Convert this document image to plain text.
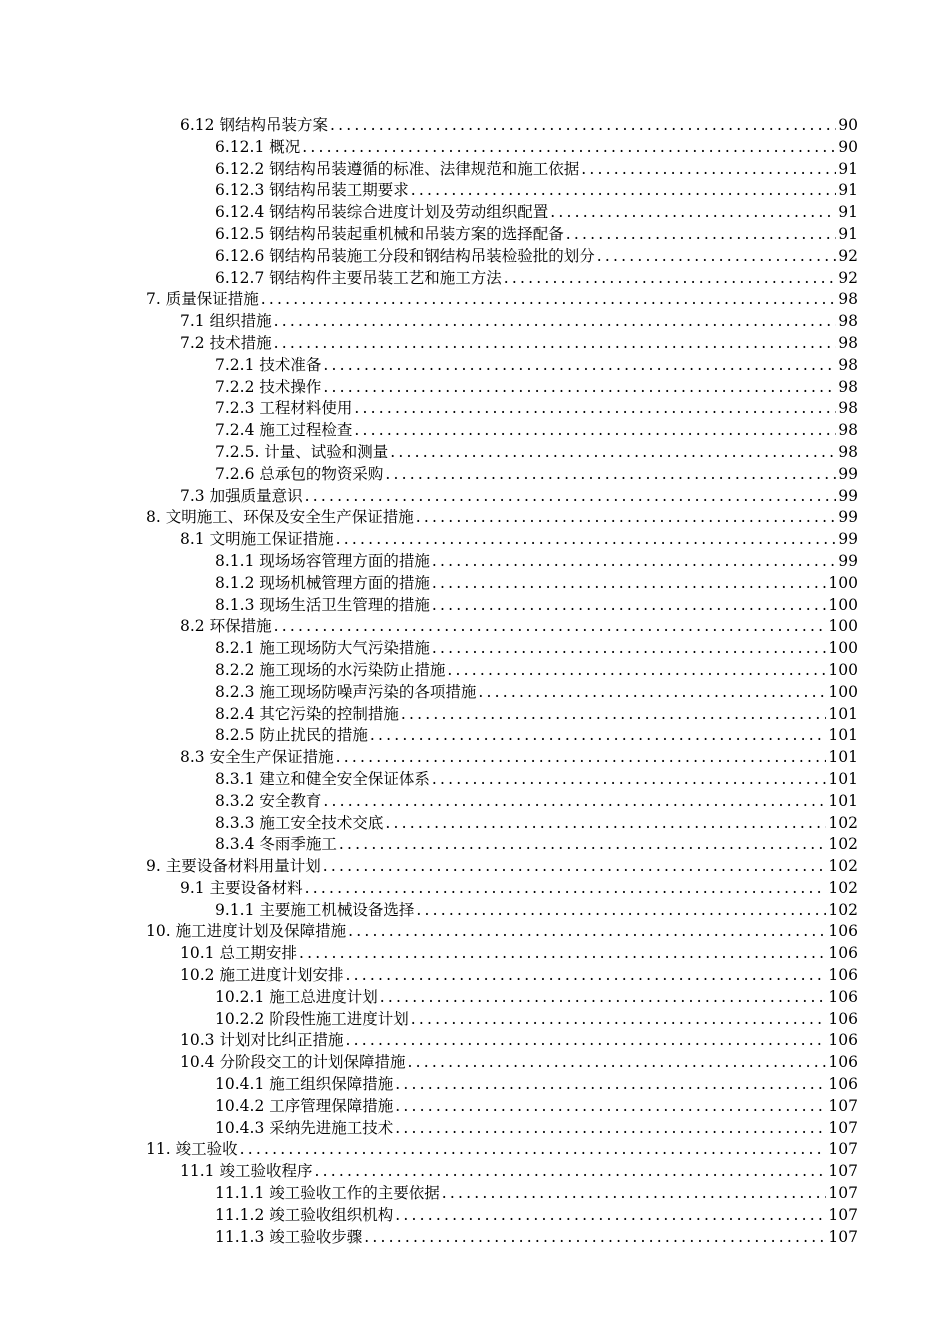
6.12 钢结构吊装方案 .....	90
6.12.1 概况 .....	90
6.12.2 钢结构吊装遵循的标准、法律规范和施工依据 .....	91
6.12.3 钢结构吊装工期要求 .....	91
6.12.4 钢结构吊装综合进度计划及劳动组织配置 .....	91
6.12.5 钢结构吊装起重机械和吊装方案的选择配备 .....	91
6.12.6 钢结构吊装施工分段和钢结构吊装检验批的划分 .....	92
6.12.7 钢结构件主要吊装工艺和施工方法 .....	92
7. 质量保证措施 .....	98
7.1 组织措施 .....	98
7.2 技术措施 .....	98
7.2.1 技术准备 .....	98
7.2.2 技术操作 .....	98
7.2.3 工程材料使用 .....	98
7.2.4 施工过程检查 .....	98
7.2.5. 计量、试验和测量 .....	98
7.2.6 总承包的物资采购 .....	99
7.3 加强质量意识 .....	99
8. 文明施工、环保及安全生产保证措施 .....	99
8.1 文明施工保证措施 .....	99
8.1.1 现场场容管理方面的措施 .....	99
8.1.2 现场机械管理方面的措施 .....	100
8.1.3 现场生活卫生管理的措施 .....	100
8.2 环保措施 .....	100
8.2.1 施工现场防大气污染措施 .....	100
8.2.2 施工现场的水污染防止措施 .....	100
8.2.3 施工现场防噪声污染的各项措施 .....	100
8.2.4 其它污染的控制措施 .....	101
8.2.5 防止扰民的措施 .....	101
8.3 安全生产保证措施 .....	101
8.3.1 建立和健全安全保证体系 .....	101
8.3.2 安全教育 .....	101
8.3.3 施工安全技术交底 .....	102
8.3.4 冬雨季施工 .....	102
9. 主要设备材料用量计划 .....	102
9.1 主要设备材料 .....	102
9.1.1 主要施工机械设备选择 .....	102
10. 施工进度计划及保障措施 .....	106
10.1 总工期安排 .....	106
10.2 施工进度计划安排 .....	106
10.2.1 施工总进度计划 .....	106
10.2.2 阶段性施工进度计划 .....	106
10.3 计划对比纠正措施 .....	106
10.4 分阶段交工的计划保障措施 .....	106
10.4.1 施工组织保障措施 .....	106
10.4.2 工序管理保障措施 .....	107
10.4.3 采纳先进施工技术 .....	107
11. 竣工验收 .....	107
11.1 竣工验收程序 .....	107
11.1.1 竣工验收工作的主要依据 .....	107
11.1.2 竣工验收组织机构 .....	107
11.1.3 竣工验收步骤 .....	107
